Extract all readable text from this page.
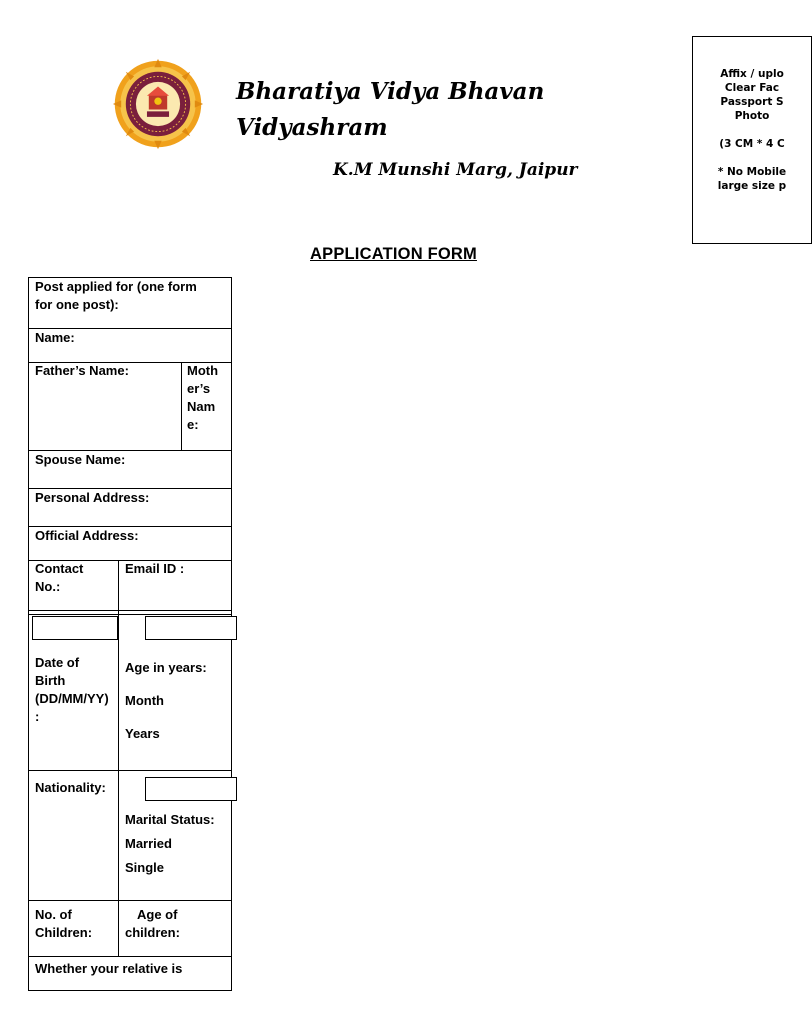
Bharatiya Vidya Bhavan
Vidyashram
K.M Munshi Marg, Jaipur
Affix / uplo
Clear Fac
Passport S
Photo
(3 CM * 4 C
* No Mobile
large size p
APPLICATION FORM
Post applied for (one form
for one post):
Name:
Father’s Name:	Moth
er’s
Nam
e:
Spouse Name:
Personal Address:
Official Address:
Contact
No.:
Email ID :
Date of
Birth
(DD/MM/YY)
:
Age in years:
Month
Years
Nationality:
Marital Status:
Married
Single
No. of
Children:
Age of
children:
Whether your relative is
